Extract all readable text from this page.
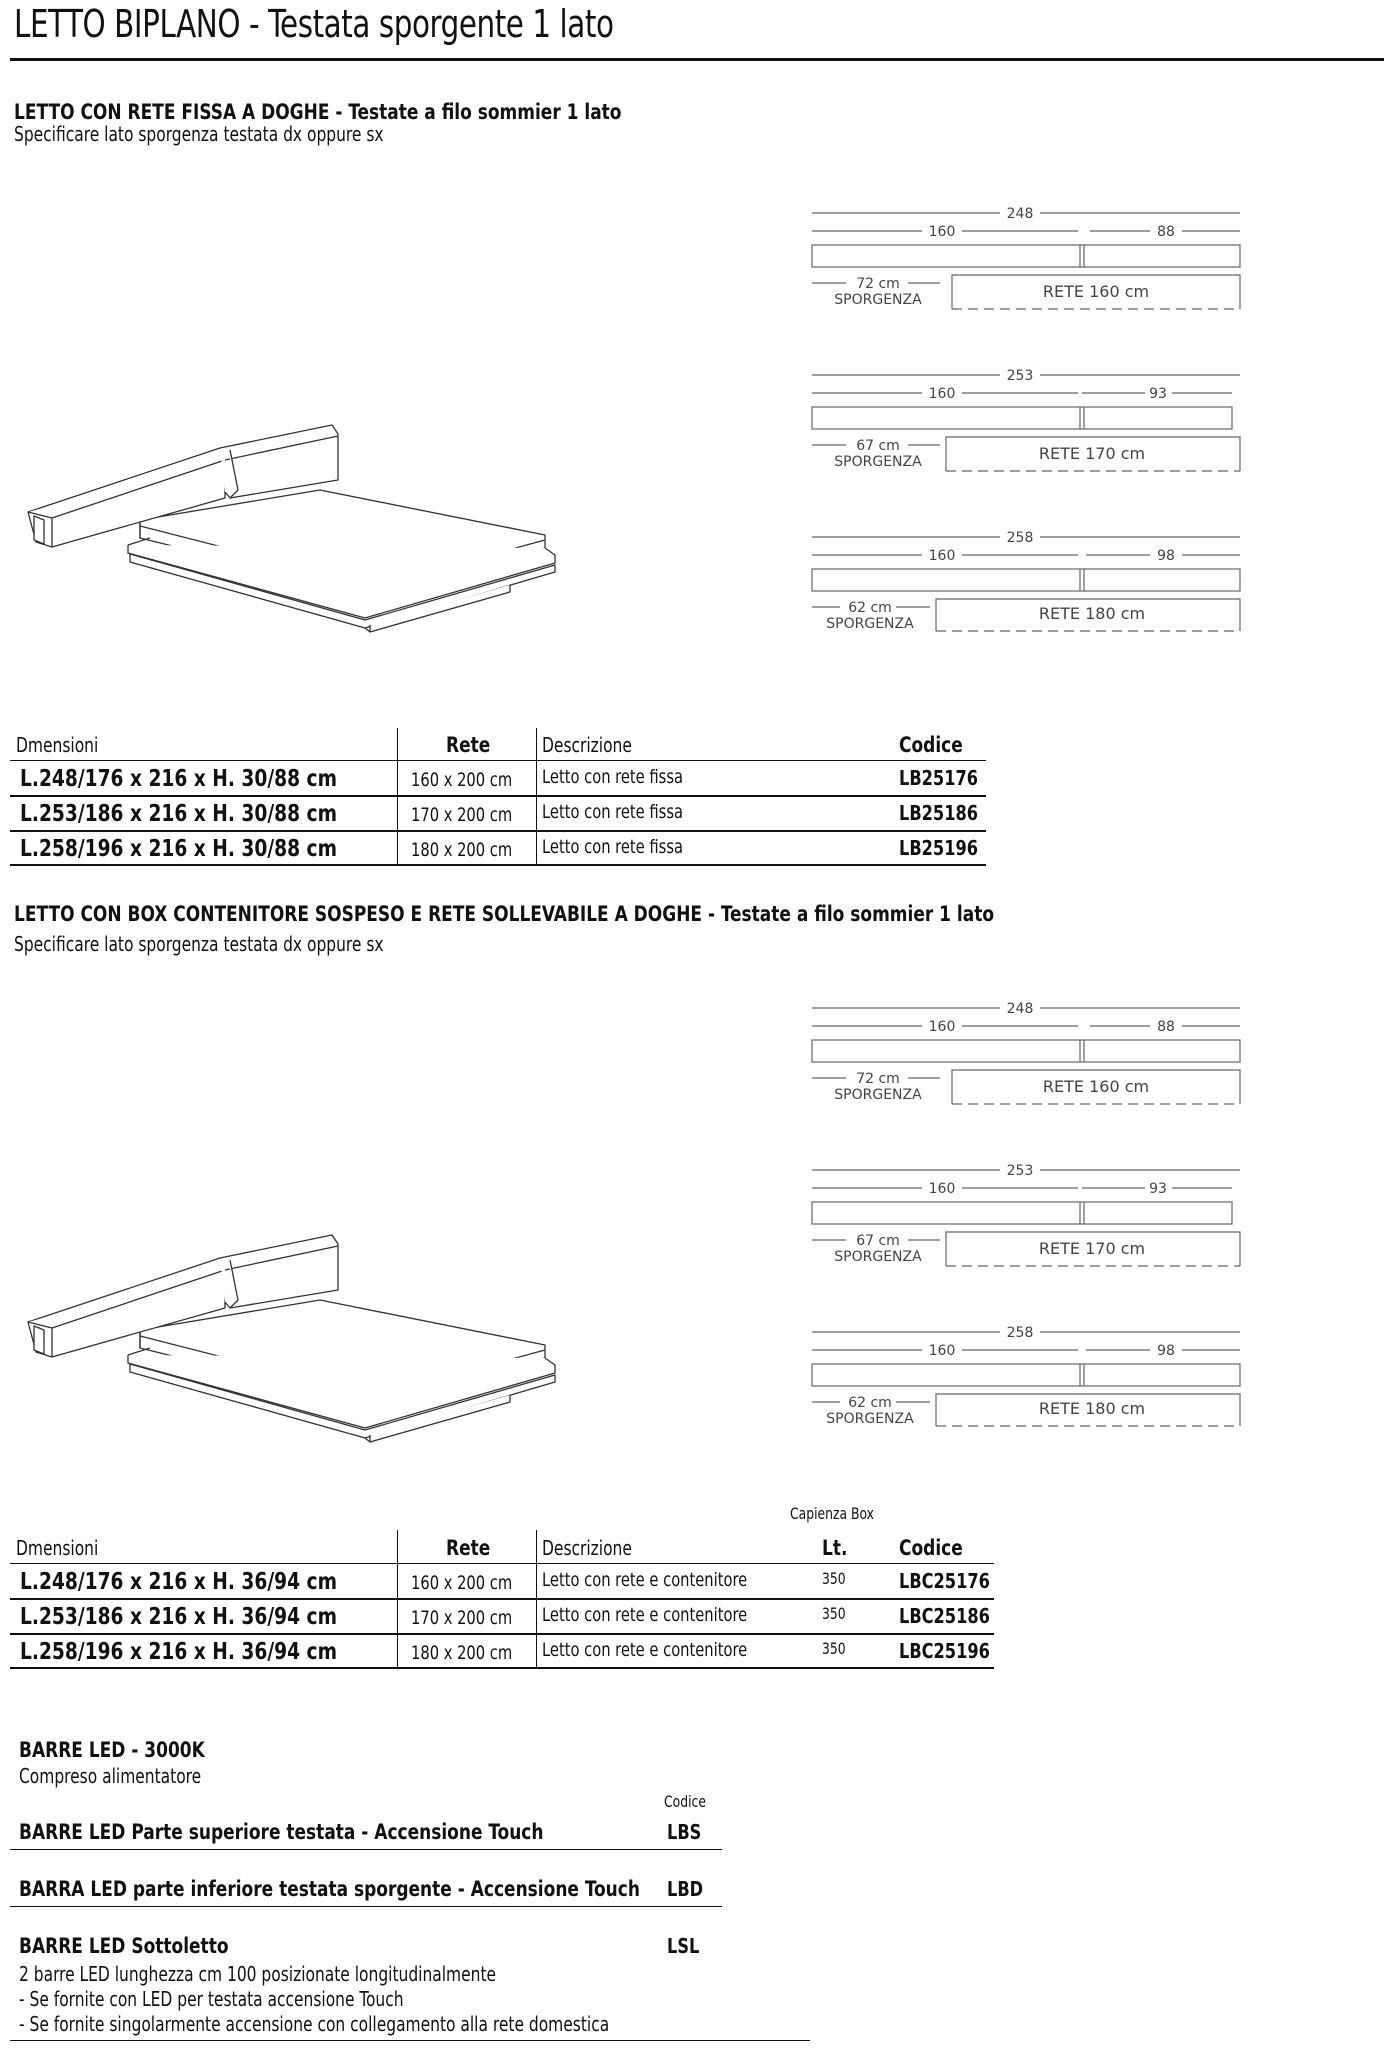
LETTO BIPLANO - Testata sporgente 1 lato
LETTO CON RETE FISSA A DOGHE - Testate a filo sommier 1 lato
Specificare lato sporgenza testata dx oppure sx
248
160	88
72 cm
SPORGENZA	RETE 160 cm
253
160	93
67 cm
SPORGENZA	RETE 170 cm
258
160	98
62 cm
SPORGENZA
RETE 180 cm
Dmensioni	Rete	Descrizione	Codice
L.248/176 x 216 x H. 30/88 cm	160 x 200 cm Letto con rete fissa	LB25176
L.253/186 x 216 x H. 30/88 cm	170 x 200 cm Letto con rete fissa	LB25186
L.258/196 x 216 x H. 30/88 cm	180 x 200 cm Letto con rete fissa	LB25196
LETTO CON BOX CONTENITORE SOSPESO E RETE SOLLEVABILE A DOGHE - Testate a filo sommier 1 lato
Specificare lato sporgenza testata dx oppure sx
248
160	88
72 cm
SPORGENZA	RETE 160 cm
253
160	93
67 cm
SPORGENZA	RETE 170 cm
258
160	98
62 cm
SPORGENZA
RETE 180 cm
Capienza Box
Dmensioni	Rete	Descrizione	Lt. Codice
L.248/176 x 216 x H. 36/94 cm	160 x 200 cm Letto con rete e contenitore	350	LBC25176
L.253/186 x 216 x H. 36/94 cm	170 x 200 cm Letto con rete e contenitore	350	LBC25186
L.258/196 x 216 x H. 36/94 cm	180 x 200 cm Letto con rete e contenitore	350	LBC25196
BARRE LED - 3000K
Compreso alimentatore
Codice
BARRE LED Parte superiore testata - Accensione Touch	LBS
BARRA LED parte inferiore testata sporgente - Accensione Touch LBD
BARRE LED Sottoletto	LSL
2 barre LED lunghezza cm 100 posizionate longitudinalmente
- Se fornite con LED per testata accensione Touch
- Se fornite singolarmente accensione con collegamento alla rete domestica
